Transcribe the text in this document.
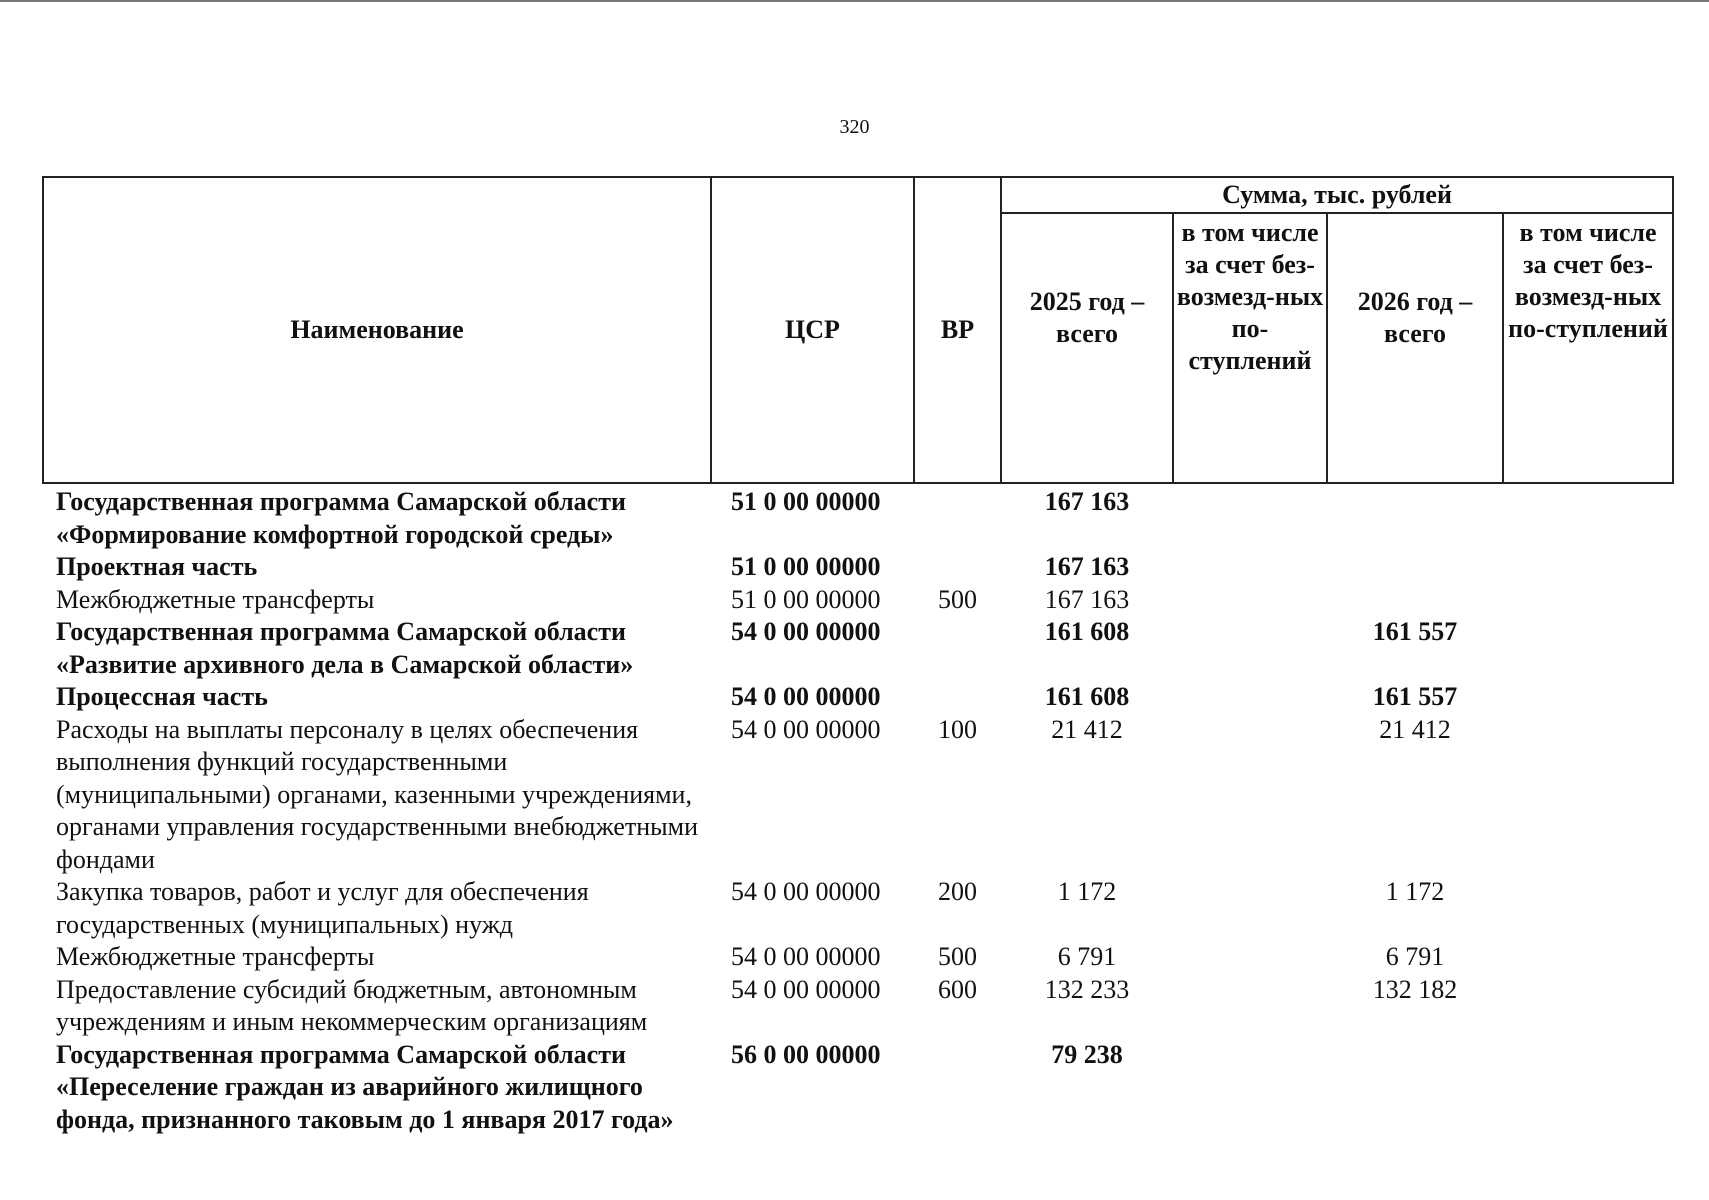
320
Наименование	ЦСР	ВР	Сумма, тыс. рублей			
			2025 год – всего	в том числе за счет без-возмезд-ных по-ступлений	2026 год – всего	в том числе за счет без-возмезд-ных по-ступлений
Государственная программа Самарской области «Формирование комфортной городской среды»	51 0 00 00000		167 163			
Проектная часть	51 0 00 00000		167 163			
Межбюджетные трансферты	51 0 00 00000	500	167 163			
Государственная программа Самарской области «Развитие архивного дела в Самарской области»	54 0 00 00000		161 608		161 557	
Процессная часть	54 0 00 00000		161 608		161 557	
Расходы на выплаты персоналу в целях обеспечения выполнения функций государственными (муниципальными) органами, казенными учреждениями, органами управления государственными внебюджетными фондами	54 0 00 00000	100	21 412		21 412	
Закупка товаров, работ и услуг для обеспечения государственных (муниципальных) нужд	54 0 00 00000	200	1 172		1 172	
Межбюджетные трансферты	54 0 00 00000	500	6 791		6 791	
Предоставление субсидий бюджетным, автономным учреждениям и иным некоммерческим организациям	54 0 00 00000	600	132 233		132 182	
Государственная программа Самарской области «Переселение граждан из аварийного жилищного фонда, признанного таковым до 1 января 2017 года»	56 0 00 00000		79 238			
